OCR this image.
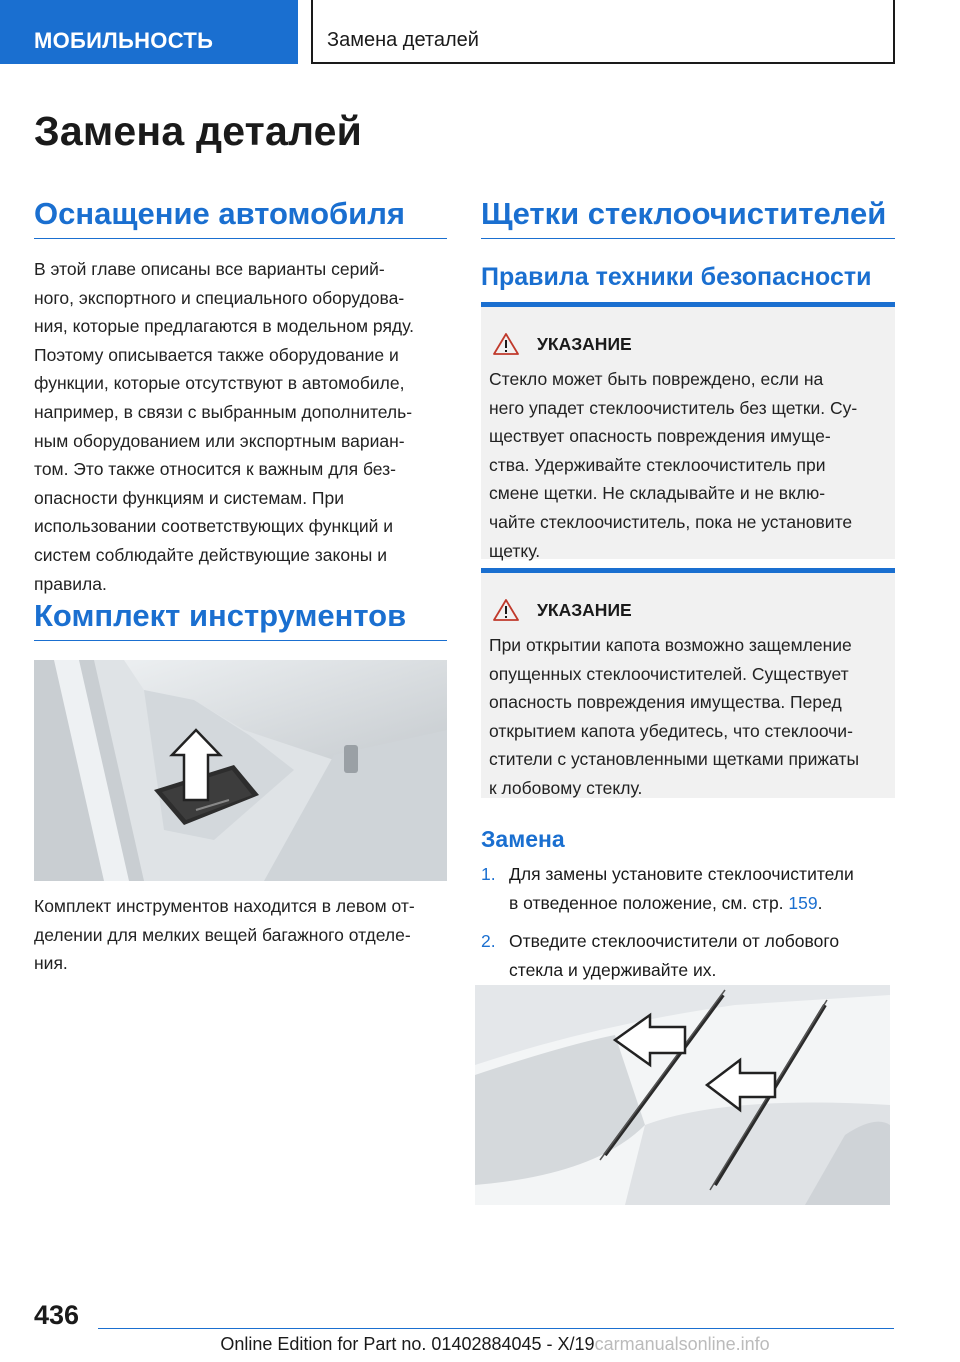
МОБИЛЬНОСТЬ	Замена деталей
Замена деталей
Оснащение автомобиля
В этой главе описаны все варианты серий-
ного, экспортного и специального оборудова-
ния, которые предлагаются в модельном ряду.
Поэтому описывается также оборудование и
функции, которые отсутствуют в автомобиле,
например, в связи с выбранным дополнитель-
ным оборудованием или экспортным вариан-
том. Это также относится к важным для без-
опасности функциям и системам. При
использовании соответствующих функций и
систем соблюдайте действующие законы и
правила.
Комплект инструментов
Комплект инструментов находится в левом от-
делении для мелких вещей багажного отделе-
ния.
Щетки стеклоочистителей
Правила техники безопасности
УКАЗАНИЕ
Стекло может быть повреждено, если на
него упадет стеклоочиститель без щетки. Су-
ществует опасность повреждения имуще-
ства. Удерживайте стеклоочиститель при
смене щетки. Не складывайте и не вклю-
чайте стеклоочиститель, пока не установите
щетку.
УКАЗАНИЕ
При открытии капота возможно защемление
опущенных стеклоочистителей. Существует
опасность повреждения имущества. Перед
открытием капота убедитесь, что стеклоочи-
стители с установленными щетками прижаты
к лобовому стеклу.
Замена
1. Для замены установите стеклоочистители
в отведенное положение, см. стр. 159.
2. Отведите стеклоочистители от лобового
стекла и удерживайте их.
436
Online Edition for Part no. 01402884045 - X/19carmanualsonline.info
